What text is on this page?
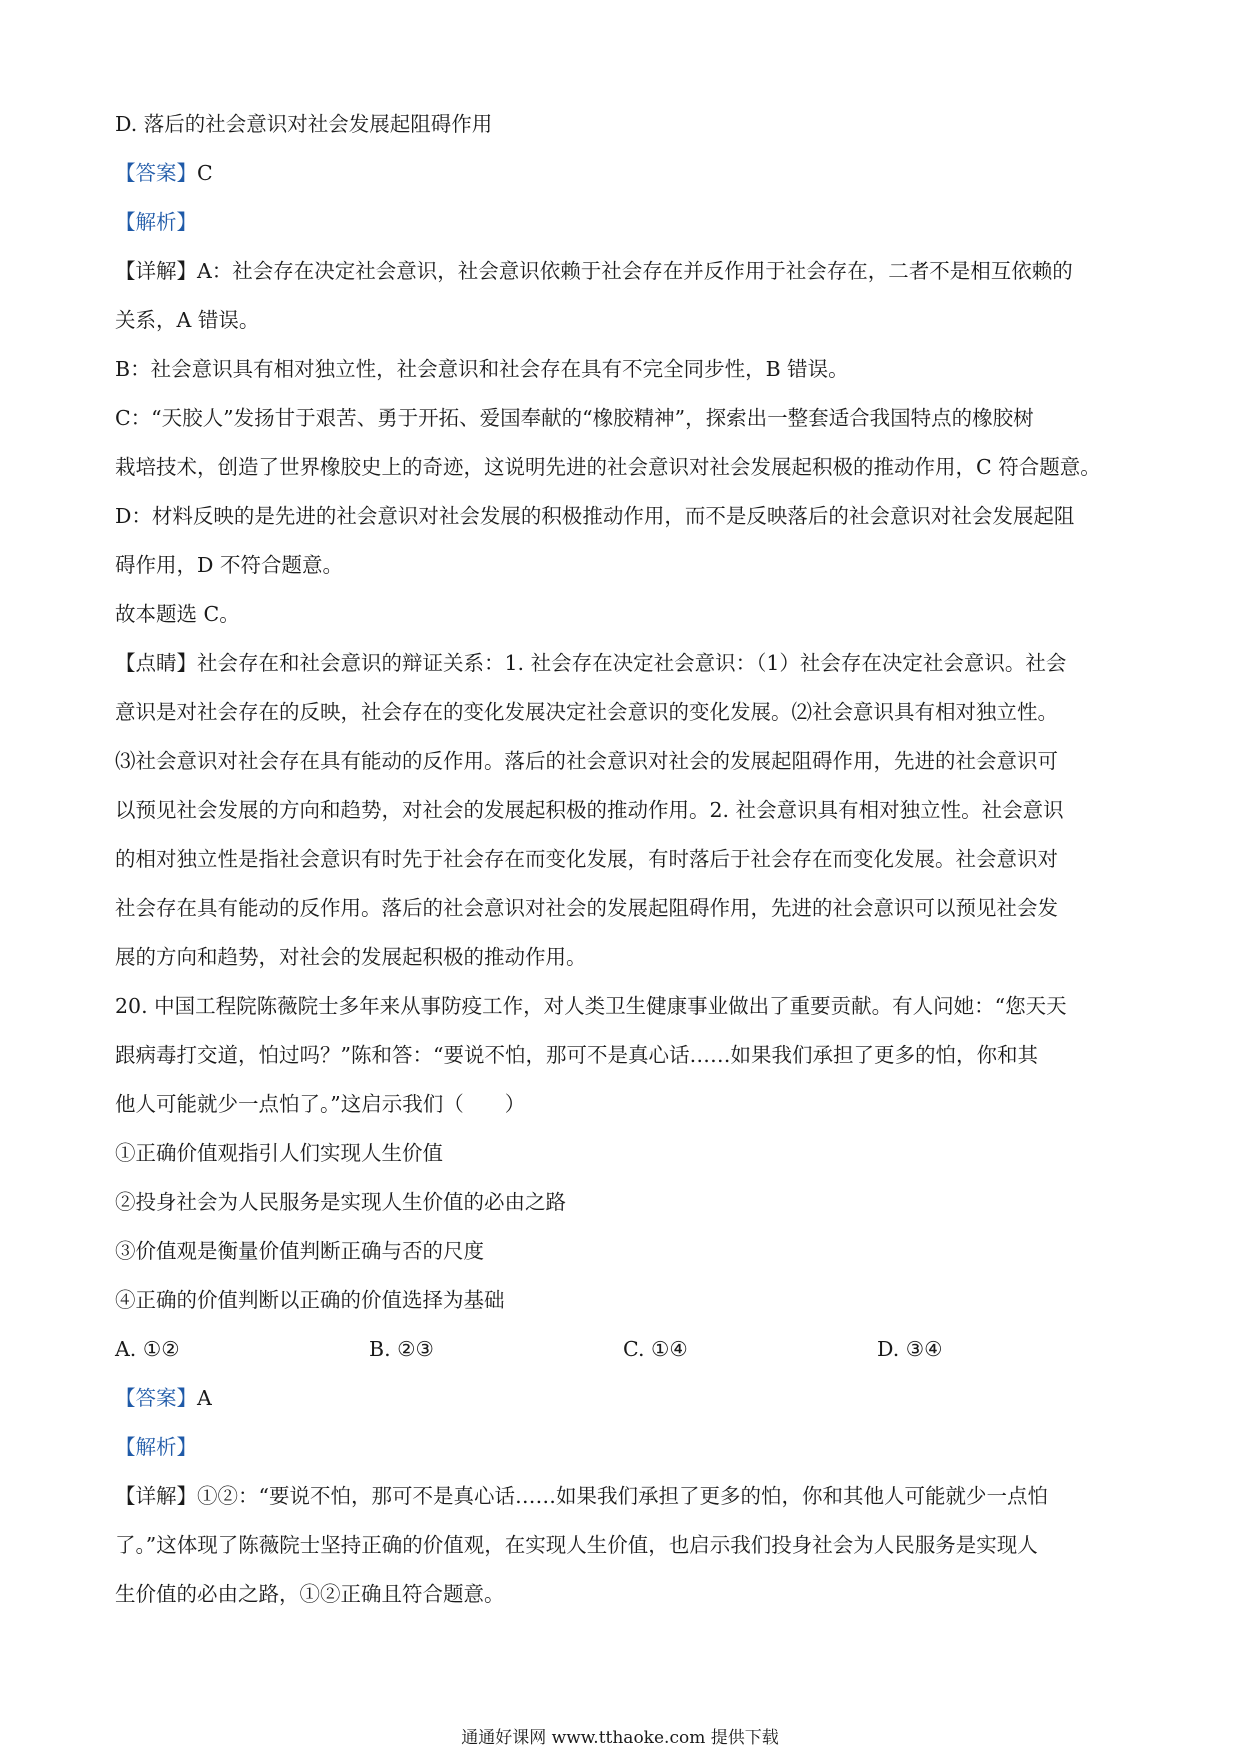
D. 落后的社会意识对社会发展起阻碍作用
【答案】C
【解析】
【详解】A：社会存在决定社会意识，社会意识依赖于社会存在并反作用于社会存在，二者不是相互依赖的
关系，A 错误。
B：社会意识具有相对独立性，社会意识和社会存在具有不完全同步性，B 错误。
C：“天胶人”发扬甘于艰苦、勇于开拓、爱国奉献的“橡胶精神”，探索出一整套适合我国特点的橡胶树
栽培技术，创造了世界橡胶史上的奇迹，这说明先进的社会意识对社会发展起积极的推动作用，C 符合题意。
D：材料反映的是先进的社会意识对社会发展的积极推动作用，而不是反映落后的社会意识对社会发展起阻
碍作用，D 不符合题意。
故本题选 C。
【点睛】社会存在和社会意识的辩证关系：1. 社会存在决定社会意识：（1）社会存在决定社会意识。社会
意识是对社会存在的反映，社会存在的变化发展决定社会意识的变化发展。⑵社会意识具有相对独立性。
⑶社会意识对社会存在具有能动的反作用。落后的社会意识对社会的发展起阻碍作用，先进的社会意识可
以预见社会发展的方向和趋势，对社会的发展起积极的推动作用。2. 社会意识具有相对独立性。社会意识
的相对独立性是指社会意识有时先于社会存在而变化发展，有时落后于社会存在而变化发展。社会意识对
社会存在具有能动的反作用。落后的社会意识对社会的发展起阻碍作用，先进的社会意识可以预见社会发
展的方向和趋势，对社会的发展起积极的推动作用。
20. 中国工程院陈薇院士多年来从事防疫工作，对人类卫生健康事业做出了重要贡献。有人问她：“您天天
跟病毒打交道，怕过吗？”陈和答：“要说不怕，那可不是真心话……如果我们承担了更多的怕，你和其
他人可能就少一点怕了。”这启示我们（　　）
①正确价值观指引人们实现人生价值
②投身社会为人民服务是实现人生价值的必由之路
③价值观是衡量价值判断正确与否的尺度
④正确的价值判断以正确的价值选择为基础
A. ①②	B. ②③	C. ①④	D. ③④
【答案】A
【解析】
【详解】①②：“要说不怕，那可不是真心话……如果我们承担了更多的怕，你和其他人可能就少一点怕
了。”这体现了陈薇院士坚持正确的价值观，在实现人生价值，也启示我们投身社会为人民服务是实现人
生价值的必由之路，①②正确且符合题意。
通通好课网 www.tthaoke.com 提供下载
